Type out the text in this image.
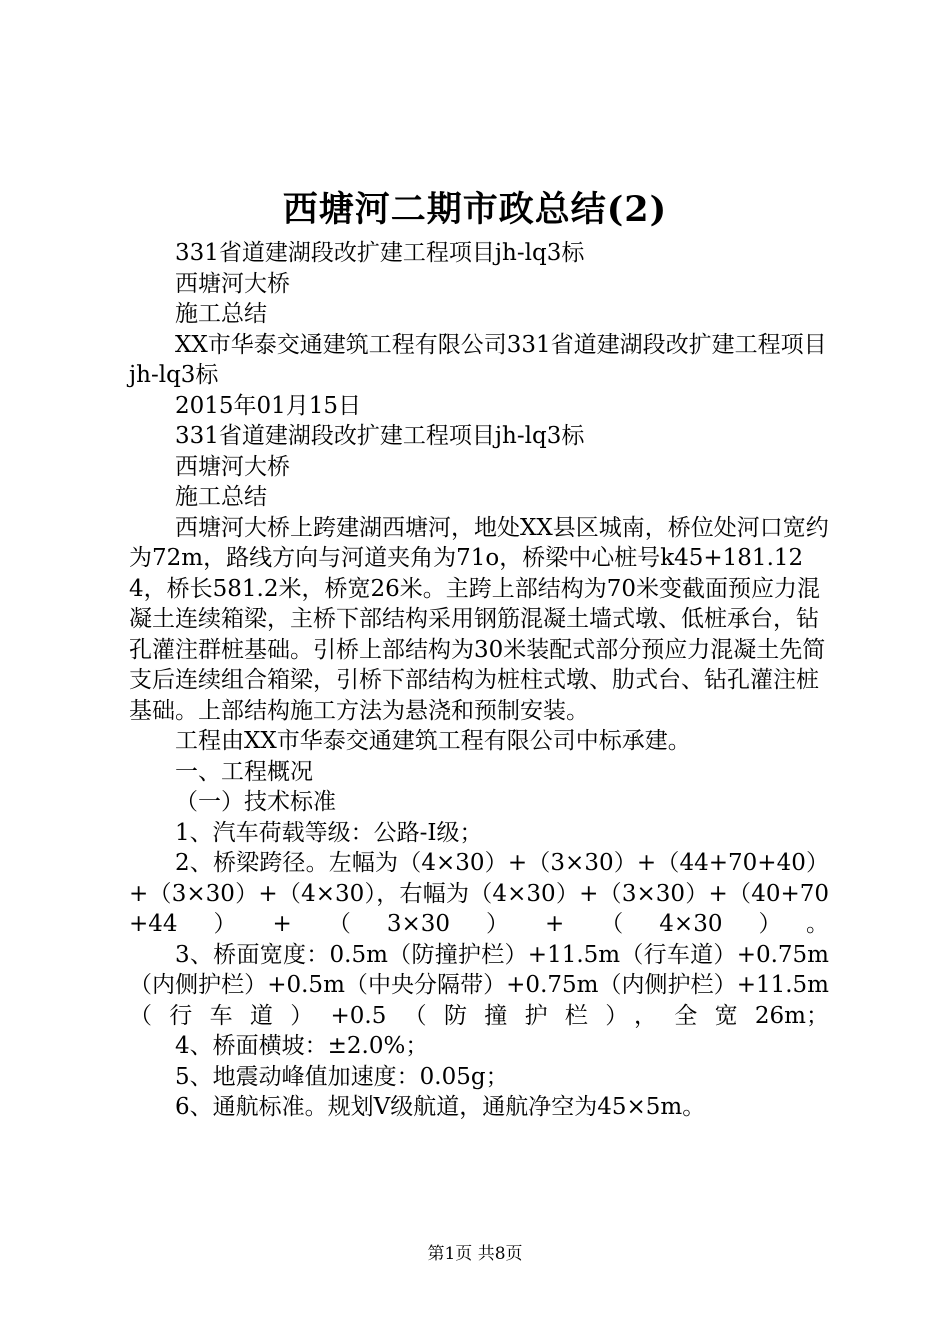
西塘河二期市政总结(2)

331省道建湖段改扩建工程项目jh-lq3标

西塘河大桥

施工总结

XX市华泰交通建筑工程有限公司331省道建湖段改扩建工程项目jh-lq3标

2015年01月15日

331省道建湖段改扩建工程项目jh-lq3标

西塘河大桥

施工总结

西塘河大桥上跨建湖西塘河，地处XX县区城南，桥位处河口宽约为72m，路线方向与河道夹角为71o，桥梁中心桩号k45+181.124，桥长581.2米，桥宽26米。主跨上部结构为70米变截面预应力混凝土连续箱梁，主桥下部结构采用钢筋混凝土墙式墩、低桩承台，钻孔灌注群桩基础。引桥上部结构为30米装配式部分预应力混凝土先简支后连续组合箱梁，引桥下部结构为桩柱式墩、肋式台、钻孔灌注桩基础。上部结构施工方法为悬浇和预制安装。

工程由XX市华泰交通建筑工程有限公司中标承建。

一、工程概况

（一）技术标准

1、汽车荷载等级：公路-Ⅰ级；

2、桥梁跨径。左幅为（4×30）+（3×30）+（44+70+40）+（3×30）+（4×30），右幅为（4×30）+（3×30）+（40+70+44）+（3×30）+（4×30）。

3、桥面宽度：0.5m（防撞护栏）+11.5m（行车道）+0.75m（内侧护栏）+0.5m（中央分隔带）+0.75m（内侧护栏）+11.5m（行车道）+0.5（防撞护栏），全宽26m；

4、桥面横坡：±2.0%；

5、地震动峰值加速度：0.05g；

6、通航标准。规划Ⅴ级航道，通航净空为45×5m。

第1页 共8页
